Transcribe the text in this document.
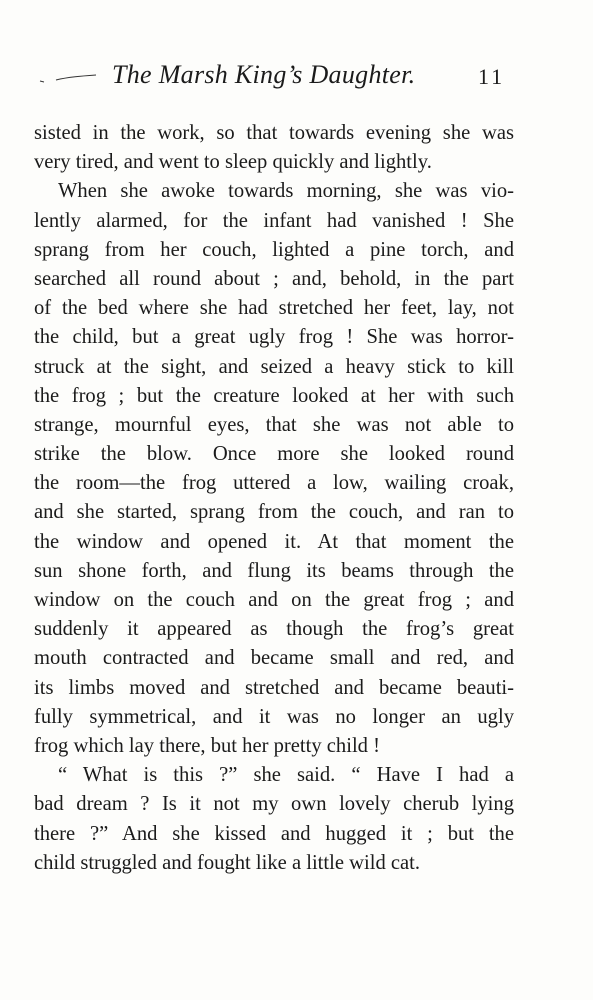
The Marsh King’s Daughter.	11
sisted in the work, so that towards evening she was
very tired, and went to sleep quickly and lightly.
When she awoke towards morning, she was vio-
lently alarmed, for the infant had vanished ! She
sprang from her couch, lighted a pine torch, and
searched all round about ; and, behold, in the part
of the bed where she had stretched her feet, lay, not
the child, but a great ugly frog ! She was horror-
struck at the sight, and seized a heavy stick to kill
the frog ; but the creature looked at her with such
strange, mournful eyes, that she was not able to
strike the blow. Once more she looked round
the room—the frog uttered a low, wailing croak,
and she started, sprang from the couch, and ran to
the window and opened it. At that moment the
sun shone forth, and flung its beams through the
window on the couch and on the great frog ; and
suddenly it appeared as though the frog’s great
mouth contracted and became small and red, and
its limbs moved and stretched and became beauti-
fully symmetrical, and it was no longer an ugly
frog which lay there, but her pretty child !
“ What is this ?” she said. “ Have I had a
bad dream ? Is it not my own lovely cherub lying
there ?” And she kissed and hugged it ; but the
child struggled and fought like a little wild cat.
